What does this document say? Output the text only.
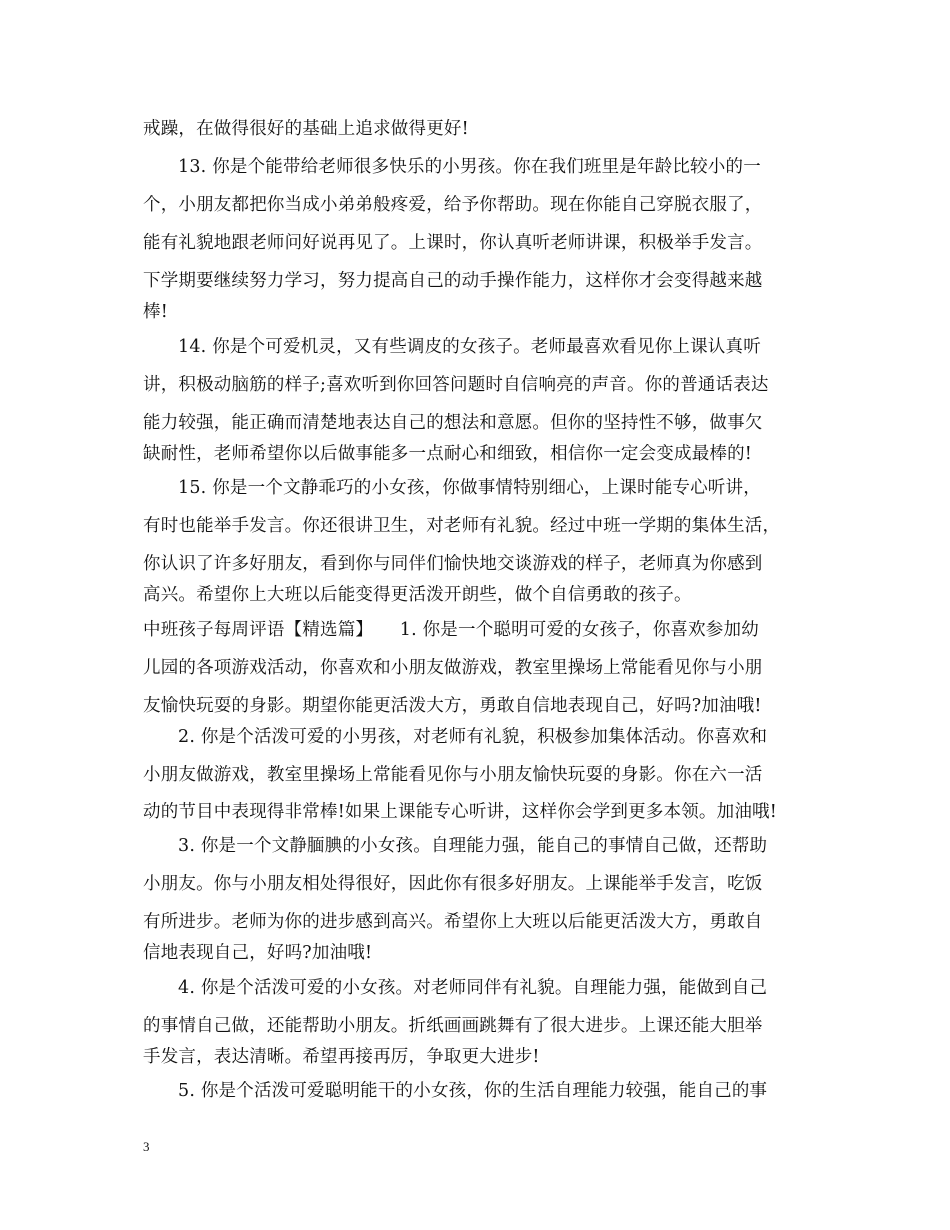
戒躁，在做得很好的基础上追求做得更好!
13. 你是个能带给老师很多快乐的小男孩。你在我们班里是年龄比较小的一
个，小朋友都把你当成小弟弟般疼爱，给予你帮助。现在你能自己穿脱衣服了，
能有礼貌地跟老师问好说再见了。上课时，你认真听老师讲课，积极举手发言。
下学期要继续努力学习，努力提高自己的动手操作能力，这样你才会变得越来越
棒!
14. 你是个可爱机灵，又有些调皮的女孩子。老师最喜欢看见你上课认真听
讲，积极动脑筋的样子;喜欢听到你回答问题时自信响亮的声音。你的普通话表达
能力较强，能正确而清楚地表达自己的想法和意愿。但你的坚持性不够，做事欠
缺耐性，老师希望你以后做事能多一点耐心和细致，相信你一定会变成最棒的!
15. 你是一个文静乖巧的小女孩，你做事情特别细心，上课时能专心听讲，
有时也能举手发言。你还很讲卫生，对老师有礼貌。经过中班一学期的集体生活，
你认识了许多好朋友，看到你与同伴们愉快地交谈游戏的样子，老师真为你感到
高兴。希望你上大班以后能变得更活泼开朗些，做个自信勇敢的孩子。
中班孩子每周评语【精选篇】　　1. 你是一个聪明可爱的女孩子，你喜欢参加幼
儿园的各项游戏活动，你喜欢和小朋友做游戏，教室里操场上常能看见你与小朋
友愉快玩耍的身影。期望你能更活泼大方，勇敢自信地表现自己，好吗?加油哦!
2. 你是个活泼可爱的小男孩，对老师有礼貌，积极参加集体活动。你喜欢和
小朋友做游戏，教室里操场上常能看见你与小朋友愉快玩耍的身影。你在六一活
动的节目中表现得非常棒!如果上课能专心听讲，这样你会学到更多本领。加油哦!
3. 你是一个文静腼腆的小女孩。自理能力强，能自己的事情自己做，还帮助
小朋友。你与小朋友相处得很好，因此你有很多好朋友。上课能举手发言，吃饭
有所进步。老师为你的进步感到高兴。希望你上大班以后能更活泼大方，勇敢自
信地表现自己，好吗?加油哦!
4. 你是个活泼可爱的小女孩。对老师同伴有礼貌。自理能力强，能做到自己
的事情自己做，还能帮助小朋友。折纸画画跳舞有了很大进步。上课还能大胆举
手发言，表达清晰。希望再接再厉，争取更大进步!
5. 你是个活泼可爱聪明能干的小女孩，你的生活自理能力较强，能自己的事
3
